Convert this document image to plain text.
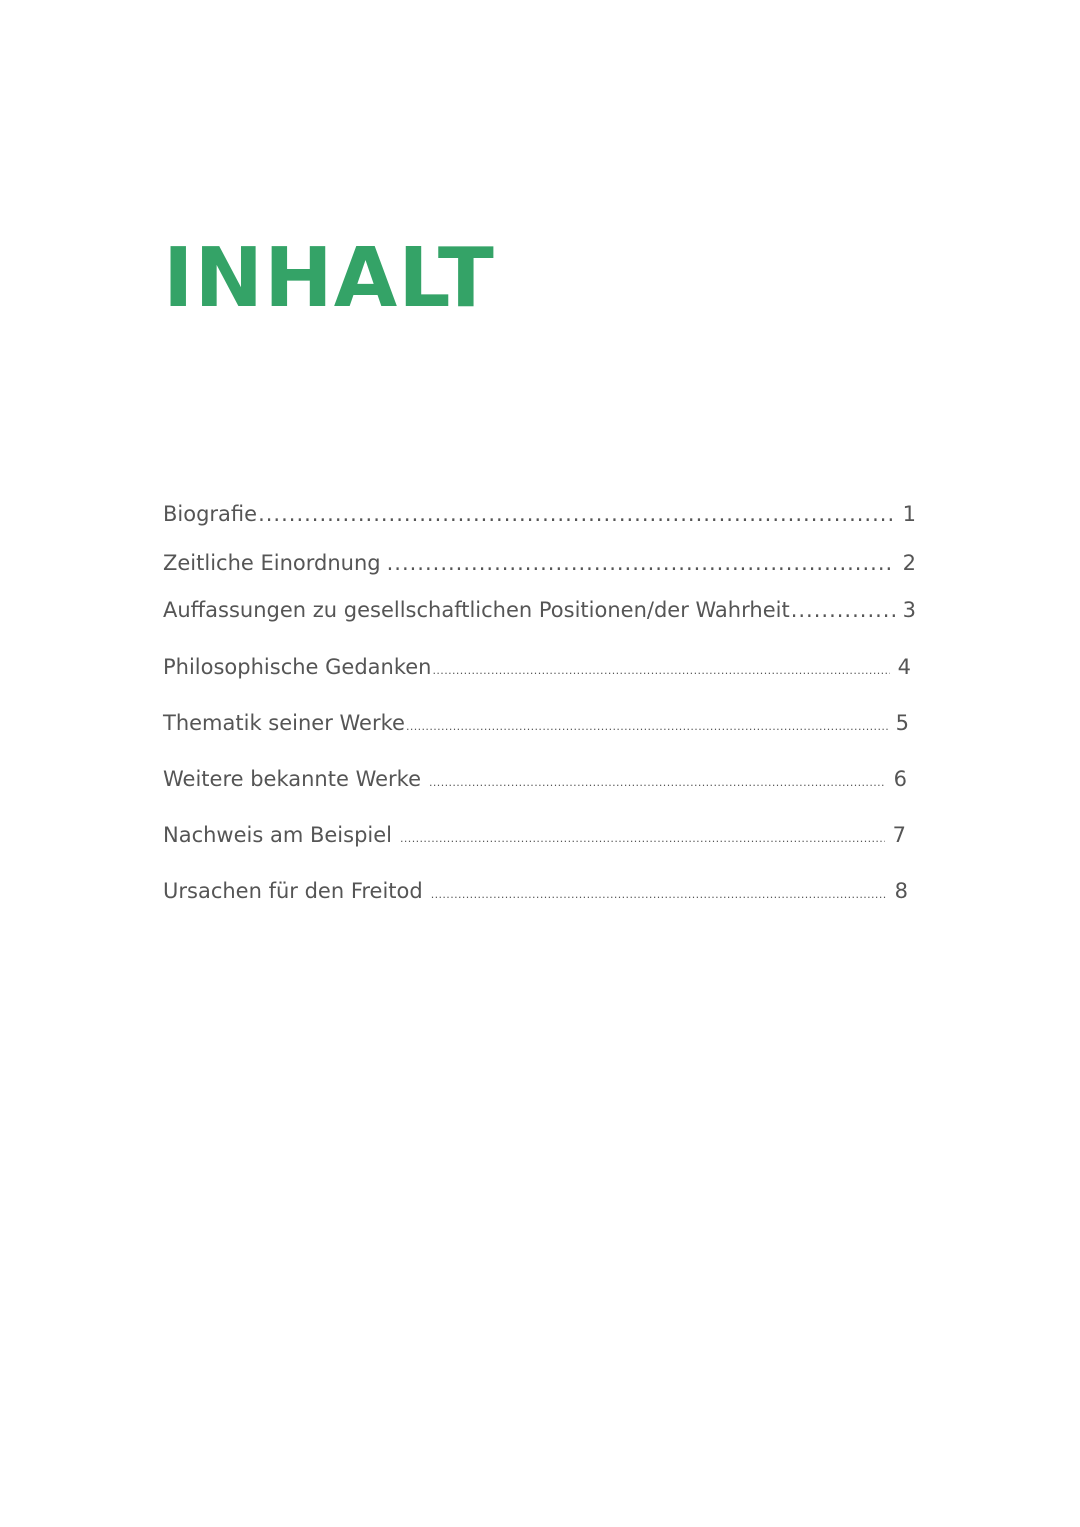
INHALT
Biografie .....	1
Zeitliche Einordnung .....	2
Auffassungen zu gesellschaftlichen Positionen/der Wahrheit .....	3
Philosophische Gedanken .....	4
Thematik seiner Werke .....	5
Weitere bekannte Werke .....	6
Nachweis am Beispiel .....	7
Ursachen für den Freitod .....	8
